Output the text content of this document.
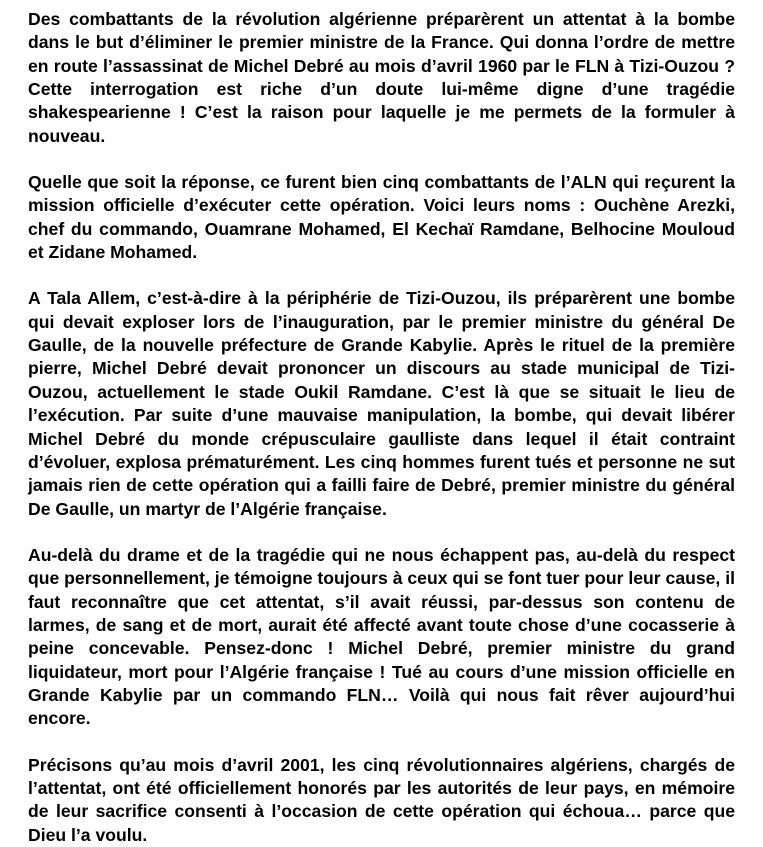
Des combattants de la révolution algérienne préparèrent un attentat à la bombe dans le but d’éliminer le premier ministre de la France. Qui donna l’ordre de mettre en route l’assassinat de Michel Debré au mois d’avril 1960 par le FLN à Tizi-Ouzou ? Cette interrogation est riche d’un doute lui-même digne d’une tragédie shakespearienne ! C’est la raison pour laquelle je me permets de la formuler à nouveau.

Quelle que soit la réponse, ce furent bien cinq combattants de l’ALN qui reçurent la mission officielle d’exécuter cette opération. Voici leurs noms : Ouchène Arezki, chef du commando, Ouamrane Mohamed, El Kechaï Ramdane, Belhocine Mouloud et Zidane Mohamed.

A Tala Allem, c’est-à-dire à la périphérie de Tizi-Ouzou, ils préparèrent une bombe qui devait exploser lors de l’inauguration, par le premier ministre du général De Gaulle, de la nouvelle préfecture de Grande Kabylie. Après le rituel de la première pierre, Michel Debré devait prononcer un discours au stade municipal de Tizi-Ouzou, actuellement le stade Oukil Ramdane. C’est là que se situait le lieu de l’exécution. Par suite d’une mauvaise manipulation, la bombe, qui devait libérer Michel Debré du monde crépusculaire gaulliste dans lequel il était contraint d’évoluer, explosa prématurément. Les cinq hommes furent tués et personne ne sut jamais rien de cette opération qui a failli faire de Debré, premier ministre du général De Gaulle, un martyr de l’Algérie française.

Au-delà du drame et de la tragédie qui ne nous échappent pas, au-delà du respect que personnellement, je témoigne toujours à ceux qui se font tuer pour leur cause, il faut reconnaître que cet attentat, s’il avait réussi, par-dessus son contenu de larmes, de sang et de mort, aurait été affecté avant toute chose d’une cocasserie à peine concevable. Pensez-donc ! Michel Debré, premier ministre du grand liquidateur, mort pour l’Algérie française ! Tué au cours d’une mission officielle en Grande Kabylie par un commando FLN… Voilà qui nous fait rêver aujourd’hui encore.

Précisons qu’au mois d’avril 2001, les cinq révolutionnaires algériens, chargés de l’attentat, ont été officiellement honorés par les autorités de leur pays, en mémoire de leur sacrifice consenti à l’occasion de cette opération qui échoua… parce que Dieu l’a voulu.
